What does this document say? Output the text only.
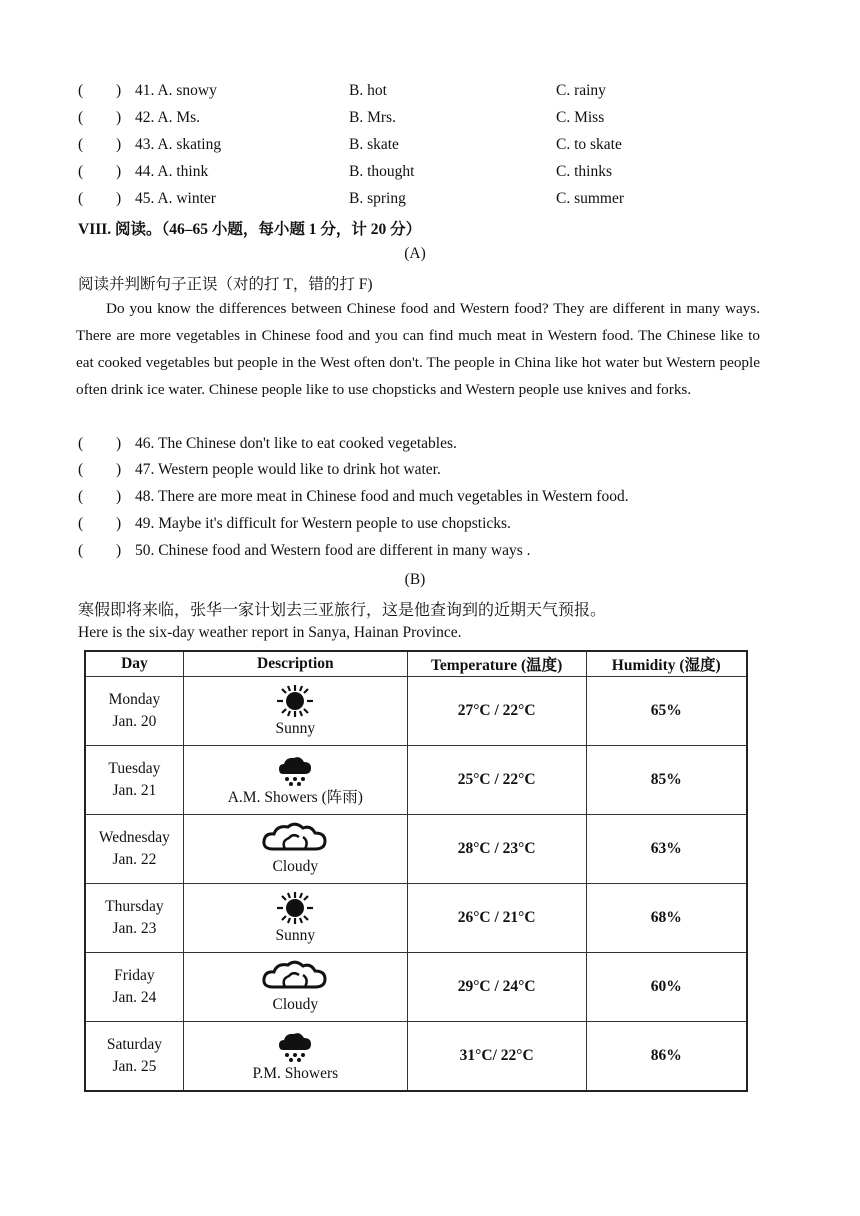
( ) 41. A. snowy	B. hot	C. rainy
( ) 42. A. Ms.	B. Mrs.	C. Miss
( ) 43. A. skating	B. skate	C. to skate
( ) 44. A. think	B. thought	C. thinks
( ) 45. A. winter	B. spring	C. summer
VIII. 阅读。（46–65 小题，每小题 1 分，计 20 分）
(A)
阅读并判断句子正误（对的打 T，错的打 F)
Do you know the differences between Chinese food and Western food? They are different in many ways. There are more vegetables in Chinese food and you can find much meat in Western food. The Chinese like to eat cooked vegetables but people in the West often don't. The people in China like hot water but Western people often drink ice water. Chinese people like to use chopsticks and Western people use knives and forks.
( ) 46. The Chinese don't like to eat cooked vegetables.
( ) 47. Western people would like to drink hot water.
( ) 48. There are more meat in Chinese food and much vegetables in Western food.
( ) 49. Maybe it's difficult for Western people to use chopsticks.
( ) 50. Chinese food and Western food are different in many ways .
(B)
寒假即将来临，张华一家计划去三亚旅行，这是他查询到的近期天气预报。
Here is the six-day weather report in Sanya, Hainan Province.
Day	Description	Temperature (温度)	Humidity (湿度)

Monday
Jan. 20	Sunny	27°C / 22°C	65%

Tuesday
Jan. 21	A.M. Showers (阵雨)	25°C / 22°C	85%

Wednesday
Jan. 22	Cloudy	28°C / 23°C	63%

Thursday
Jan. 23	Sunny	26°C / 21°C	68%

Friday
Jan. 24	Cloudy	29°C / 24°C	60%

Saturday
Jan. 25	P.M. Showers	31°C/ 22°C	86%
